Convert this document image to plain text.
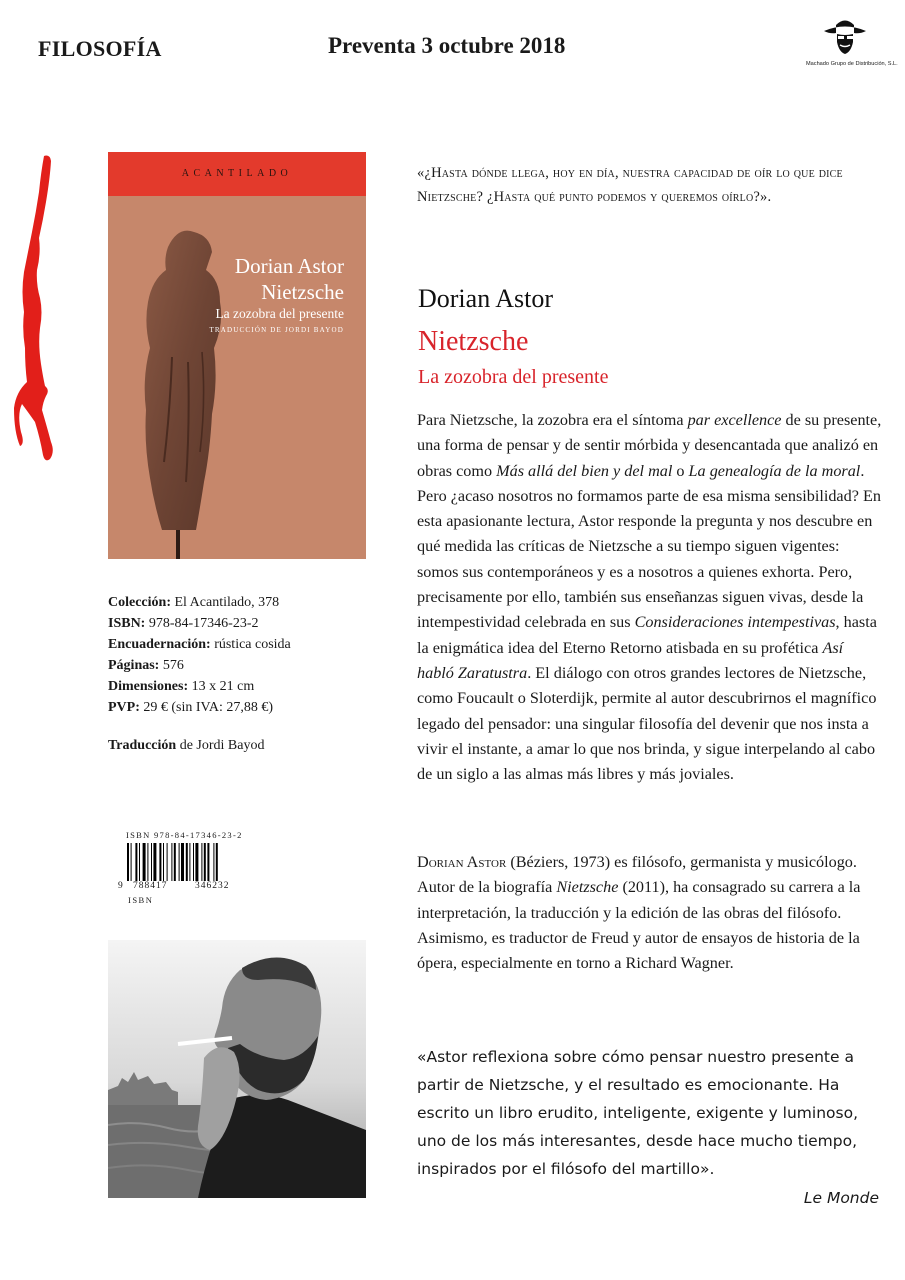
FILOSOFÍA	Preventa 3 octubre 2018
Machado Grupo de Distribución, S.L.
ACANTILADO
Dorian Astor
Nietzsche
La zozobra del presente
TRADUCCIÓN DE JORDI BAYOD
Colección: El Acantilado, 378
ISBN: 978-84-17346-23-2
Encuadernación: rústica cosida
Páginas: 576
Dimensiones: 13 x 21 cm
PVP: 29 € (sin IVA: 27,88 €)
Traducción de Jordi Bayod
ISBN 978-84-17346-23-2
9 788417	346232
ISBN
«¿Hasta dónde llega, hoy en día, nuestra capacidad de oír lo que dice Nietzsche? ¿Hasta qué punto podemos y queremos oírlo?».
Dorian Astor
Nietzsche
La zozobra del presente
Para Nietzsche, la zozobra era el síntoma par excellence de su presente, una forma de pensar y de sentir mórbida y desencantada que analizó en obras como Más allá del bien y del mal o La genealogía de la moral. Pero ¿acaso nosotros no formamos parte de esa misma sensibilidad? En esta apasionante lectura, Astor responde la pregunta y nos descubre en qué medida las críticas de Nietzsche a su tiempo siguen vigentes: somos sus contemporáneos y es a nosotros a quienes exhorta. Pero, precisamente por ello, también sus enseñanzas siguen vivas, desde la intempestividad celebrada en sus Consideraciones intempestivas, hasta la enigmática idea del Eterno Retorno atisbada en su profética Así habló Zaratustra. El diálogo con otros grandes lectores de Nietzsche, como Foucault o Sloterdijk, permite al autor descubrirnos el magnífico legado del pensador: una singular filosofía del devenir que nos insta a vivir el instante, a amar lo que nos brinda, y sigue interpelando al cabo de un siglo a las almas más libres y más joviales.
Dorian Astor (Béziers, 1973) es filósofo, germanista y musicólogo. Autor de la biografía Nietzsche (2011), ha consagrado su carrera a la interpretación, la traducción y la edición de las obras del filósofo. Asimismo, es traductor de Freud y autor de ensayos de historia de la ópera, especialmente en torno a Richard Wagner.
«Astor reflexiona sobre cómo pensar nuestro presente a partir de Nietzsche, y el resultado es emocionante. Ha escrito un libro erudito, inteligente, exigente y luminoso, uno de los más interesantes, desde hace mucho tiempo, inspirados por el filósofo del martillo».
Le Monde
